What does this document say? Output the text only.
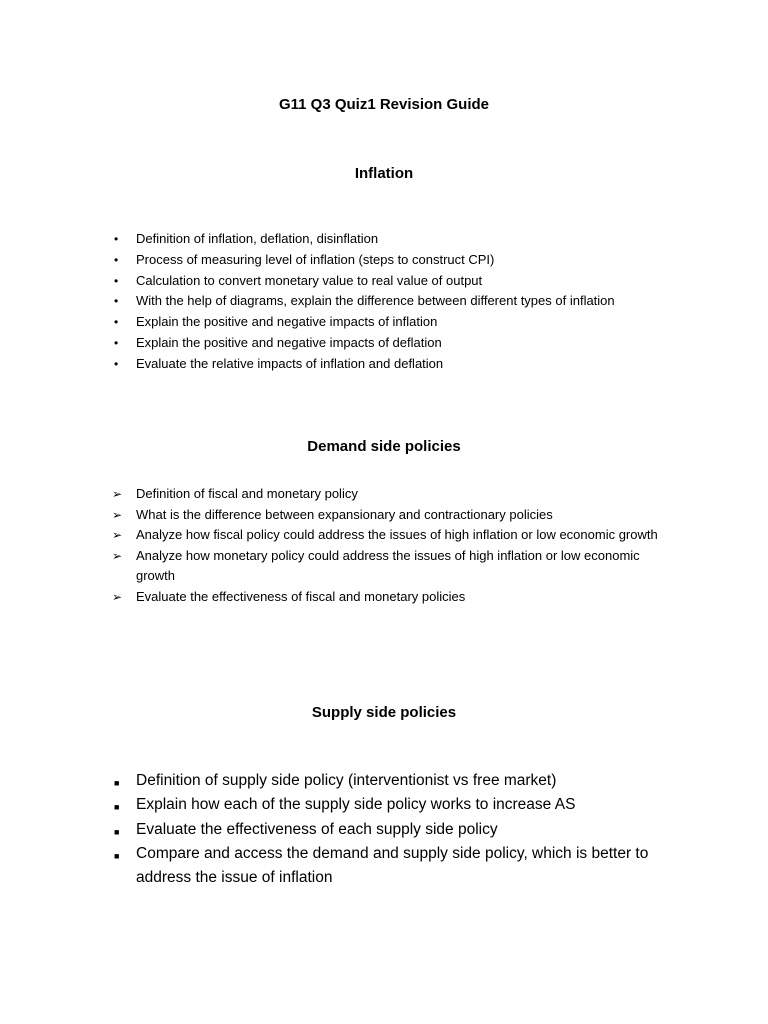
G11 Q3 Quiz1 Revision Guide
Inflation
• Definition of inflation, deflation, disinflation
• Process of measuring level of inflation (steps to construct CPI)
• Calculation to convert monetary value to real value of output
• With the help of diagrams, explain the difference between different types of inflation
• Explain the positive and negative impacts of inflation
• Explain the positive and negative impacts of deflation
• Evaluate the relative impacts of inflation and deflation
Demand side policies
➢ Definition of fiscal and monetary policy
➢ What is the difference between expansionary and contractionary policies
➢ Analyze how fiscal policy could address the issues of high inflation or low economic growth
➢ Analyze how monetary policy could address the issues of high inflation or low economic growth
➢ Evaluate the effectiveness of fiscal and monetary policies
Supply side policies
■ Definition of supply side policy (interventionist vs free market)
■ Explain how each of the supply side policy works to increase AS
■ Evaluate the effectiveness of each supply side policy
■ Compare and access the demand and supply side policy, which is better to address the issue of inflation
